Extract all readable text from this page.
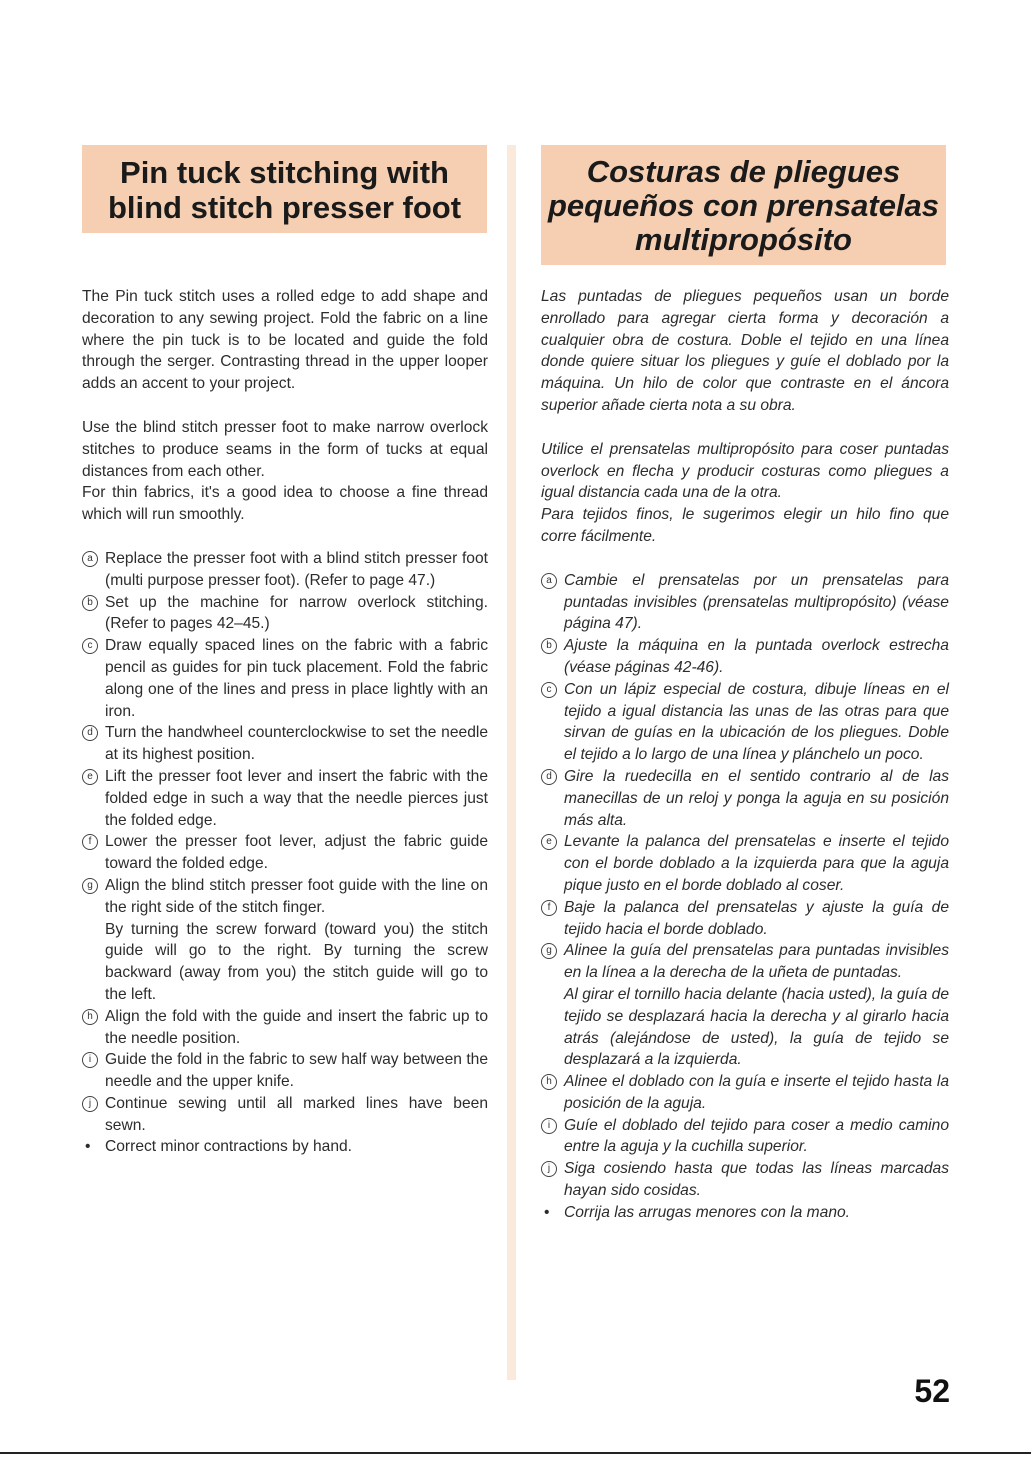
Pin tuck stitching with blind stitch presser foot

The Pin tuck stitch uses a rolled edge to add shape and decoration to any sewing project. Fold the fabric on a line where the pin tuck is to be located and guide the fold through the serger. Contrasting thread in the upper looper adds an accent to your project.

Use the blind stitch presser foot to make narrow overlock stitches to produce seams in the form of tucks at equal distances from each other.

For thin fabrics, it's a good idea to choose a fine thread which will run smoothly.

a Replace the presser foot with a blind stitch presser foot (multi purpose presser foot). (Refer to page 47.)
b Set up the machine for narrow overlock stitching. (Refer to pages 42–45.)
c Draw equally spaced lines on the fabric with a fabric pencil as guides for pin tuck placement. Fold the fabric along one of the lines and press in place lightly with an iron.
d Turn the handwheel counterclockwise to set the needle at its highest position.
e Lift the presser foot lever and insert the fabric with the folded edge in such a way that the needle pierces just the folded edge.
f Lower the presser foot lever, adjust the fabric guide toward the folded edge.
g Align the blind stitch presser foot guide with the line on the right side of the stitch finger.
By turning the screw forward (toward you) the stitch guide will go to the right. By turning the screw backward (away from you) the stitch guide will go to the left.
h Align the fold with the guide and insert the fabric up to the needle position.
i Guide the fold in the fabric to sew half way between the needle and the upper knife.
j Continue sewing until all marked lines have been sewn.
• Correct minor contractions by hand.
Costuras de pliegues pequeños con prensatelas multipropósito

Las puntadas de pliegues pequeños usan un borde enrollado para agregar cierta forma y decoración a cualquier obra de costura. Doble el tejido en una línea donde quiere situar los pliegues y guíe el doblado por la máquina. Un hilo de color que contraste en el áncora superior añade cierta nota a su obra.

Utilice el prensatelas multipropósito para coser puntadas overlock en flecha y producir costuras como pliegues a igual distancia cada una de la otra.

Para tejidos finos, le sugerimos elegir un hilo fino que corre fácilmente.

a Cambie el prensatelas por un prensatelas para puntadas invisibles (prensatelas multipropósito) (véase página 47).
b Ajuste la máquina en la puntada overlock estrecha (véase páginas 42-46).
c Con un lápiz especial de costura, dibuje líneas en el tejido a igual distancia las unas de las otras para que sirvan de guías en la ubicación de los pliegues. Doble el tejido a lo largo de una línea y plánchelo un poco.
d Gire la ruedecilla en el sentido contrario al de las manecillas de un reloj y ponga la aguja en su posición más alta.
e Levante la palanca del prensatelas e inserte el tejido con el borde doblado a la izquierda para que la aguja pique justo en el borde doblado al coser.
f Baje la palanca del prensatelas y ajuste la guía de tejido hacia el borde doblado.
g Alinee la guía del prensatelas para puntadas invisibles en la línea a la derecha de la uñeta de puntadas.
Al girar el tornillo hacia delante (hacia usted), la guía de tejido se desplazará hacia la derecha y al girarlo hacia atrás (alejándose de usted), la guía de tejido se desplazará a la izquierda.
h Alinee el doblado con la guía e inserte el tejido hasta la posición de la aguja.
i Guíe el doblado del tejido para coser a medio camino entre la aguja y la cuchilla superior.
j Siga cosiendo hasta que todas las líneas marcadas hayan sido cosidas.
• Corrija las arrugas menores con la mano.
52
